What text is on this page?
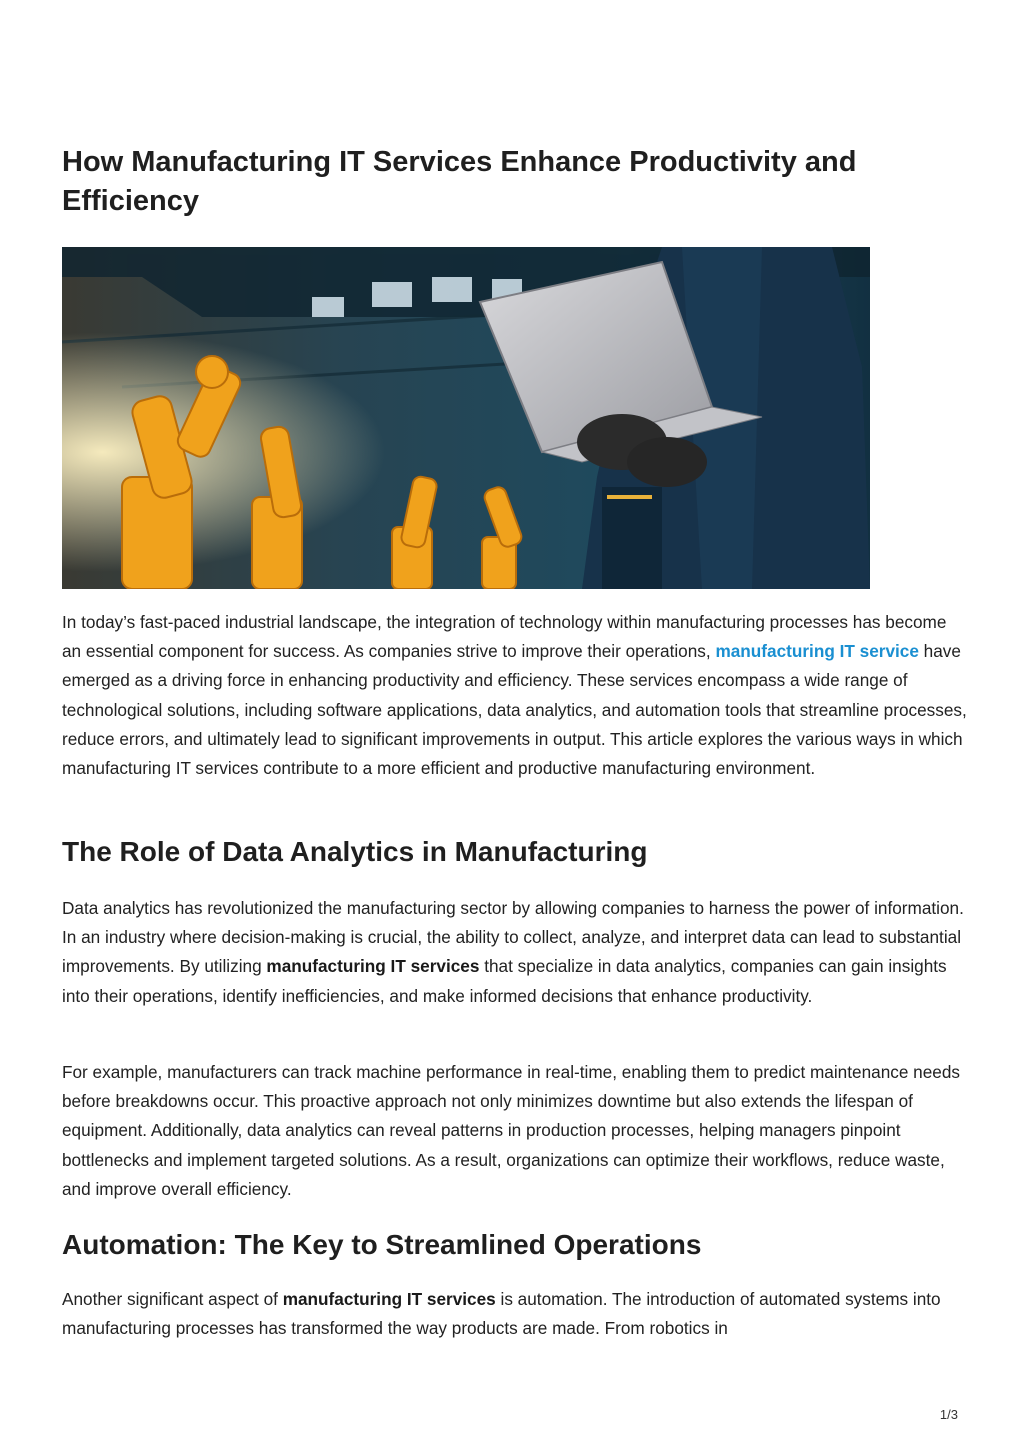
How Manufacturing IT Services Enhance Productivity and Efficiency

In today’s fast-paced industrial landscape, the integration of technology within manufacturing processes has become an essential component for success. As companies strive to improve their operations, manufacturing IT service have emerged as a driving force in enhancing productivity and efficiency. These services encompass a wide range of technological solutions, including software applications, data analytics, and automation tools that streamline processes, reduce errors, and ultimately lead to significant improvements in output. This article explores the various ways in which manufacturing IT services contribute to a more efficient and productive manufacturing environment.

The Role of Data Analytics in Manufacturing

Data analytics has revolutionized the manufacturing sector by allowing companies to harness the power of information. In an industry where decision-making is crucial, the ability to collect, analyze, and interpret data can lead to substantial improvements. By utilizing manufacturing IT services that specialize in data analytics, companies can gain insights into their operations, identify inefficiencies, and make informed decisions that enhance productivity.

For example, manufacturers can track machine performance in real-time, enabling them to predict maintenance needs before breakdowns occur. This proactive approach not only minimizes downtime but also extends the lifespan of equipment. Additionally, data analytics can reveal patterns in production processes, helping managers pinpoint bottlenecks and implement targeted solutions. As a result, organizations can optimize their workflows, reduce waste, and improve overall efficiency.

Automation: The Key to Streamlined Operations

Another significant aspect of manufacturing IT services is automation. The introduction of automated systems into manufacturing processes has transformed the way products are made. From robotics in

1/3
